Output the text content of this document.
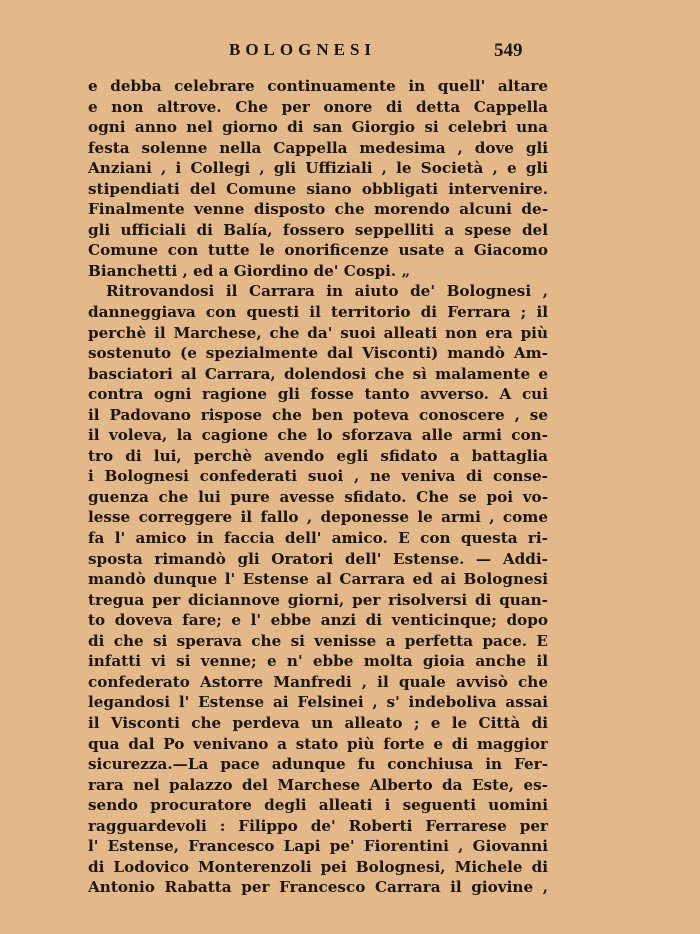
BOLOGNESI	549
e debba celebrare continuamente in quell' altare
e non altrove. Che per onore di detta Cappella
ogni anno nel giorno di san Giorgio si celebri una
festa solenne nella Cappella medesima , dove gli
Anziani , i Collegi , gli Uffiziali , le Società , e gli
stipendiati del Comune siano obbligati intervenire.
Finalmente venne disposto che morendo alcuni de-
gli ufficiali di Balía, fossero seppelliti a spese del
Comune con tutte le onorificenze usate a Giacomo
Bianchetti , ed a Giordino de' Cospi. „
Ritrovandosi il Carrara in aiuto de' Bolognesi ,
danneggiava con questi il territorio di Ferrara ; il
perchè il Marchese, che da' suoi alleati non era più
sostenuto (e spezialmente dal Visconti) mandò Am-
basciatori al Carrara, dolendosi che sì malamente e
contra ogni ragione gli fosse tanto avverso. A cui
il Padovano rispose che ben poteva conoscere , se
il voleva, la cagione che lo sforzava alle armi con-
tro di lui, perchè avendo egli sfidato a battaglia
i Bolognesi confederati suoi , ne veniva di conse-
guenza che lui pure avesse sfidato. Che se poi vo-
lesse correggere il fallo , deponesse le armi , come
fa l' amico in faccia dell' amico. E con questa ri-
sposta rimandò gli Oratori dell' Estense. — Addi-
mandò dunque l' Estense al Carrara ed ai Bolognesi
tregua per diciannove giorni, per risolversi di quan-
to doveva fare; e l' ebbe anzi di venticinque; dopo
di che si sperava che si venisse a perfetta pace. E
infatti vi si venne; e n' ebbe molta gioia anche il
confederato Astorre Manfredi , il quale avvisò che
legandosi l' Estense ai Felsinei , s' indeboliva assai
il Visconti che perdeva un alleato ; e le Città di
qua dal Po venivano a stato più forte e di maggior
sicurezza.—La pace adunque fu conchiusa in Fer-
rara nel palazzo del Marchese Alberto da Este, es-
sendo procuratore degli alleati i seguenti uomini
ragguardevoli : Filippo de' Roberti Ferrarese per
l' Estense, Francesco Lapi pe' Fiorentini , Giovanni
di Lodovico Monterenzoli pei Bolognesi, Michele di
Antonio Rabatta per Francesco Carrara il giovine ,
